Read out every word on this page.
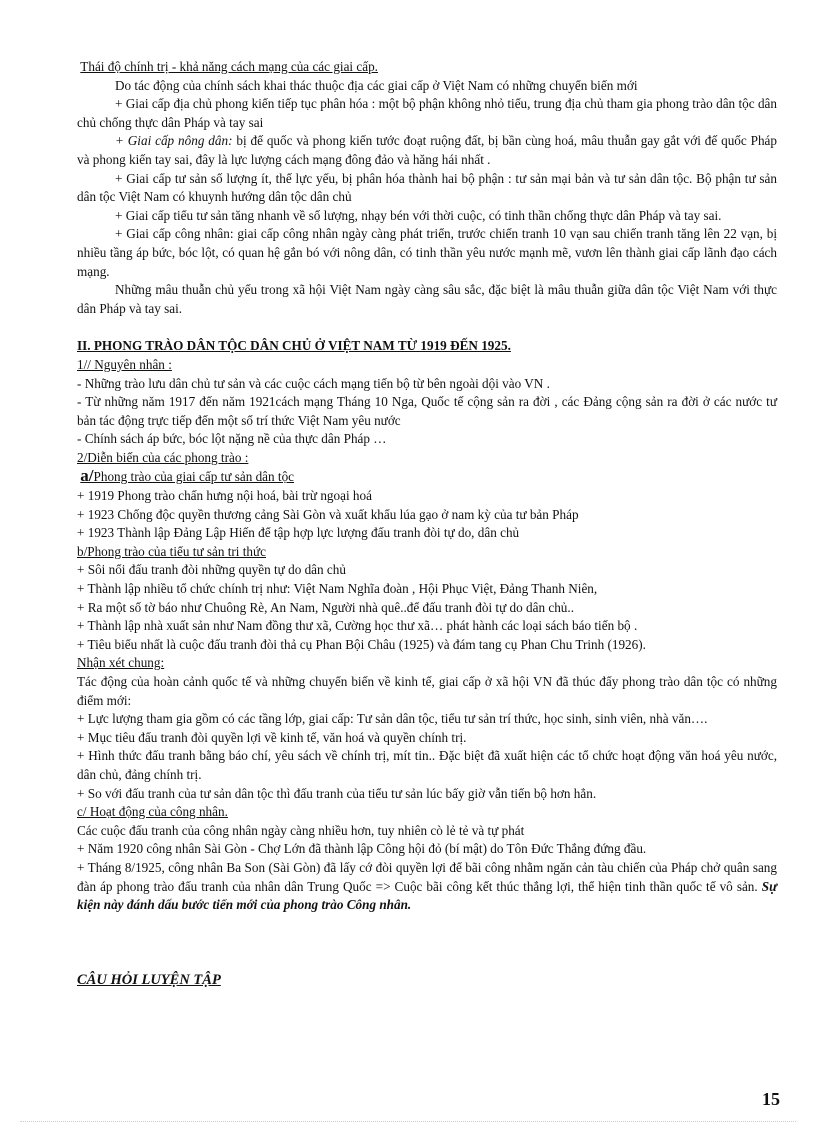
Thái độ chính trị - khả năng cách mạng của các giai cấp.

Do tác động của chính sách khai thác thuộc địa các giai cấp ở Việt Nam có những chuyển biến mới

+ Giai cấp địa chủ phong kiến tiếp tục phân hóa : một bộ phận không nhỏ tiểu, trung địa chủ tham gia phong trào dân tộc dân chủ chống thực dân Pháp và tay sai

+ Giai cấp nông dân: bị đế quốc và phong kiến tước đoạt ruộng đất, bị bần cùng hoá, mâu thuẫn gay gắt với đế quốc Pháp và phong kiến tay sai, đây là lực lượng cách mạng đông đảo và hăng hái nhất .

+ Giai cấp tư sản số lượng ít, thế lực yếu, bị phân hóa thành hai bộ phận : tư sản mại bản và tư sản dân tộc. Bộ phận tư sản dân tộc Việt Nam có khuynh hướng dân tộc dân chủ

+ Giai cấp tiểu tư sản tăng nhanh về số lượng, nhạy bén với thời cuộc, có tinh thần chống thực dân Pháp và tay sai.

+ Giai cấp công nhân: giai cấp công nhân ngày càng phát triển, trước chiến tranh 10 vạn sau chiến tranh tăng lên 22 vạn, bị nhiều tầng áp bức, bóc lột, có quan hệ gắn bó với nông dân, có tinh thần yêu nước mạnh mẽ, vươn lên thành giai cấp lãnh đạo cách mạng.

Những mâu thuẫn chủ yếu trong xã hội Việt Nam ngày càng sâu sắc, đặc biệt là mâu thuẫn giữa dân tộc Việt Nam với thực dân Pháp và tay sai.

II. PHONG TRÀO DÂN TỘC DÂN CHỦ Ở VIỆT NAM TỪ 1919 ĐẾN 1925.

1// Nguyên nhân :

- Những trào lưu dân chủ tư sản và các cuộc cách mạng tiến bộ từ bên ngoài dội vào VN .

- Từ những năm 1917 đến năm 1921cách mạng Tháng 10 Nga, Quốc tế cộng sản ra đời , các Đảng cộng sản ra đời ở các nước tư bản tác động trực tiếp đến một số trí thức Việt Nam yêu nước

- Chính sách áp bức, bóc lột nặng nề của thực dân Pháp …

2/Diễn biến của các phong trào :

a/Phong trào của giai cấp tư sản dân tộc

+ 1919 Phong trào chấn hưng nội hoá, bài trừ ngoại hoá

+ 1923 Chống độc quyền thương cảng Sài Gòn và xuất khẩu lúa gạo ở nam kỳ của tư bản Pháp

+ 1923 Thành lập Đảng Lập Hiến để tập hợp lực lượng đấu tranh đòi tự do, dân chủ

b/Phong trào của tiểu tư sản tri thức

+ Sôi nổi đấu tranh đòi những quyền tự do dân chủ

+ Thành lập nhiều tổ chức chính trị như: Việt Nam Nghĩa đoàn , Hội Phục Việt, Đảng Thanh Niên,

+ Ra một số tờ báo như Chuông Rè, An Nam, Người nhà quê..để đấu tranh đòi tự do dân chủ..

+ Thành lập nhà xuất sản như Nam đồng thư xã, Cường học thư xã… phát hành các loại sách báo tiến bộ .

+ Tiêu biểu nhất là cuộc đấu tranh đòi thả cụ Phan Bội Châu (1925) và đám tang cụ Phan Chu Trinh (1926).

Nhận xét chung:

Tác động của hoàn cảnh quốc tế và những chuyển biến về kinh tế, giai cấp ở xã hội VN đã thúc đẩy phong trào dân tộc có những điểm mới:

+ Lực lượng tham gia gồm có các tầng lớp, giai cấp: Tư sản dân tộc, tiểu tư sản trí thức, học sinh, sinh viên, nhà văn….

+ Mục tiêu đấu tranh đòi quyền lợi về kinh tế, văn hoá và quyền chính trị.

+ Hình thức đấu tranh bằng báo chí, yêu sách về chính trị, mít tin.. Đặc biệt đã xuất hiện các tổ chức hoạt động văn hoá yêu nước, dân chủ, đảng chính trị.

+ So với đấu tranh của tư sản dân tộc thì đấu tranh của tiểu tư sản lúc bấy giờ vẫn tiến bộ hơn hẳn.

c/ Hoạt động của công nhân.

Các cuộc đấu tranh của công nhân ngày càng nhiều hơn, tuy nhiên cò lẻ tẻ và tự phát

+ Năm 1920 công nhân Sài Gòn - Chợ Lớn đã thành lập Công hội đỏ (bí mật) do Tôn Đức Thắng đứng đầu.

+ Tháng 8/1925, công nhân Ba Son (Sài Gòn) đã lấy cớ đòi quyền lợi để bãi công nhằm ngăn cản tàu chiến của Pháp chở quân sang đàn áp phong trào đấu tranh của nhân dân Trung Quốc => Cuộc bãi công kết thúc thắng lợi, thể hiện tinh thần quốc tế vô sản. Sự kiện này đánh dấu bước tiến mới của phong trào Công nhân.

CÂU HỎI LUYỆN TẬP

15
